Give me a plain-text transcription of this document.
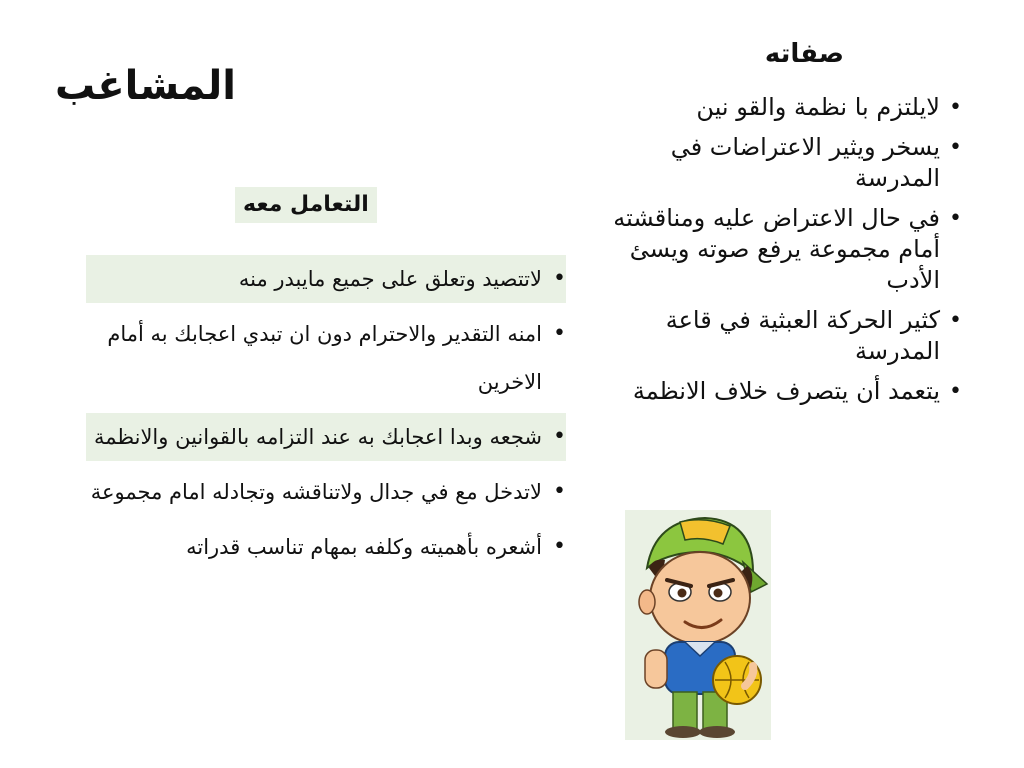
المشاغب
صفاته
•
لايلتزم با نظمة والقو نين
•
يسخر ويثير الاعتراضات في المدرسة
•
في حال الاعتراض عليه ومناقشته أمام مجموعة يرفع صوته ويسئ الأدب
•
كثير الحركة العبثية في قاعة المدرسة
•
يتعمد أن يتصرف خلاف الانظمة
التعامل معه
•
لاتتصيد وتعلق على جميع مايبدر منه
•
امنه التقدير والاحترام دون ان تبدي اعجابك به أمام الاخرين
•
شجعه وبدا اعجابك به عند التزامه بالقوانين والانظمة
•
لاتدخل مع في جدال ولاتناقشه وتجادله امام مجموعة
•
أشعره بأهميته وكلفه بمهام تناسب قدراته
